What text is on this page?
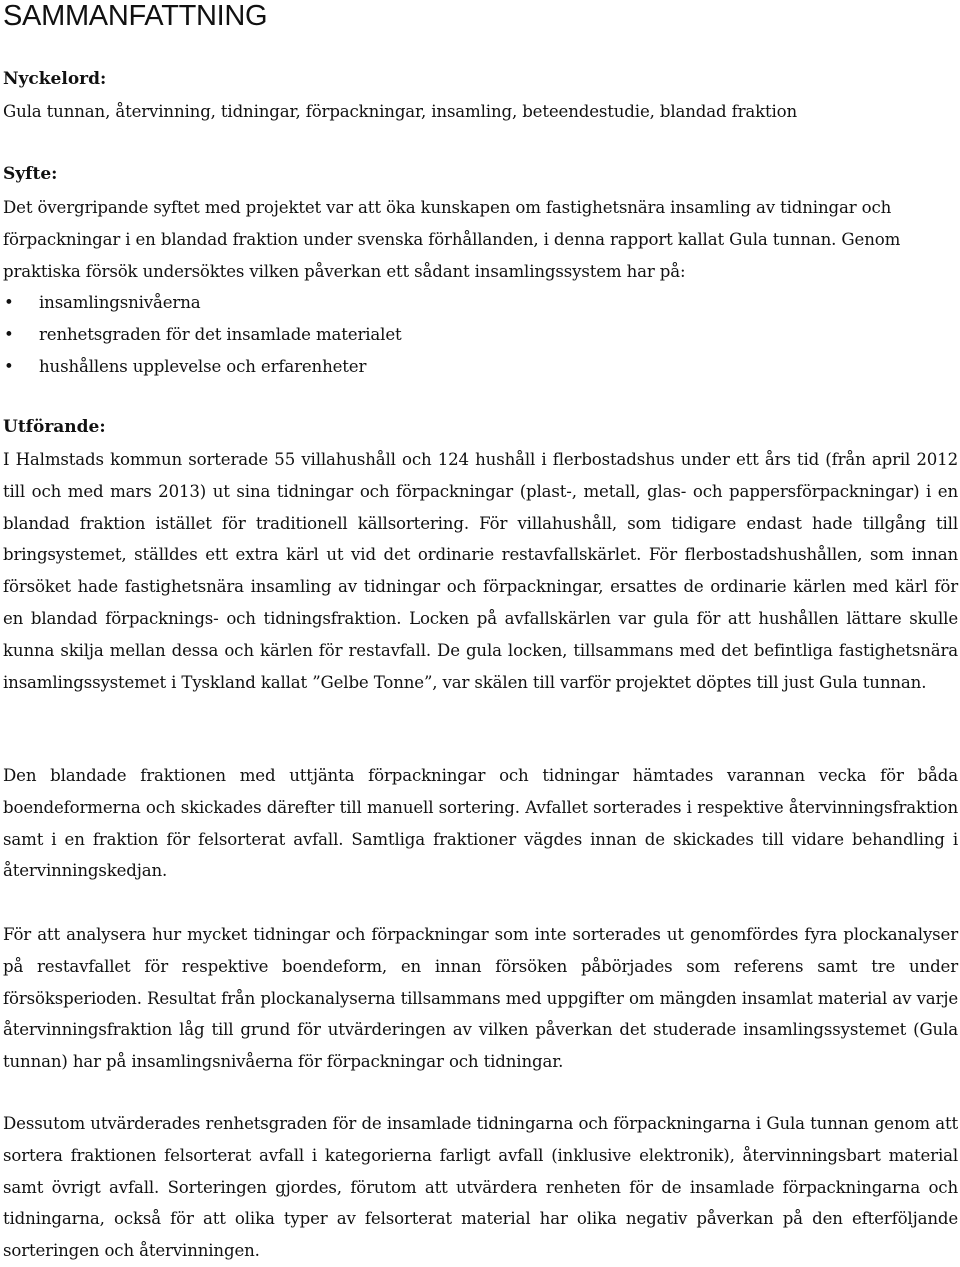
SAMMANFATTNING
Nyckelord:
Gula tunnan, återvinning, tidningar, förpackningar, insamling, beteendestudie, blandad fraktion
Syfte:

Det övergripande syftet med projektet var att öka kunskapen om fastighetsnära insamling av tidningar och förpackningar i en blandad fraktion under svenska förhållanden, i denna rapport kallat Gula tunnan. Genom praktiska försök undersöktes vilken påverkan ett sådant insamlingssystem har på:

• insamlingsnivåerna
• renhetsgraden för det insamlade materialet
• hushållens upplevelse och erfarenheter
Utförande:

I Halmstads kommun sorterade 55 villahushåll och 124 hushåll i flerbostadshus under ett års tid (från april 2012 till och med mars 2013) ut sina tidningar och förpackningar (plast-, metall, glas- och pappersförpackningar) i en blandad fraktion istället för traditionell källsortering. För villahushåll, som tidigare endast hade tillgång till bringsystemet, ställdes ett extra kärl ut vid det ordinarie restavfallskärlet. För flerbostadshushållen, som innan försöket hade fastighetsnära insamling av tidningar och förpackningar, ersattes de ordinarie kärlen med kärl för en blandad förpacknings- och tidningsfraktion. Locken på avfallskärlen var gula för att hushållen lättare skulle kunna skilja mellan dessa och kärlen för restavfall. De gula locken, tillsammans med det befintliga fastighetsnära insamlingssystemet i Tyskland kallat ”Gelbe Tonne”, var skälen till varför projektet döptes till just Gula tunnan.

Den blandade fraktionen med uttjänta förpackningar och tidningar hämtades varannan vecka för båda boendeformerna och skickades därefter till manuell sortering. Avfallet sorterades i respektive återvinningsfraktion samt i en fraktion för felsorterat avfall. Samtliga fraktioner vägdes innan de skickades till vidare behandling i återvinningskedjan.

För att analysera hur mycket tidningar och förpackningar som inte sorterades ut genomfördes fyra plockanalyser på restavfallet för respektive boendeform, en innan försöken påbörjades som referens samt tre under försöksperioden. Resultat från plockanalyserna tillsammans med uppgifter om mängden insamlat material av varje återvinningsfraktion låg till grund för utvärderingen av vilken påverkan det studerade insamlingssystemet (Gula tunnan) har på insamlingsnivåerna för förpackningar och tidningar.

Dessutom utvärderades renhetsgraden för de insamlade tidningarna och förpackningarna i Gula tunnan genom att sortera fraktionen felsorterat avfall i kategorierna farligt avfall (inklusive elektronik), återvinningsbart material samt övrigt avfall. Sorteringen gjordes, förutom att utvärdera renheten för de insamlade förpackningarna och tidningarna, också för att olika typer av felsorterat material har olika negativ påverkan på den efterföljande sorteringen och återvinningen.
